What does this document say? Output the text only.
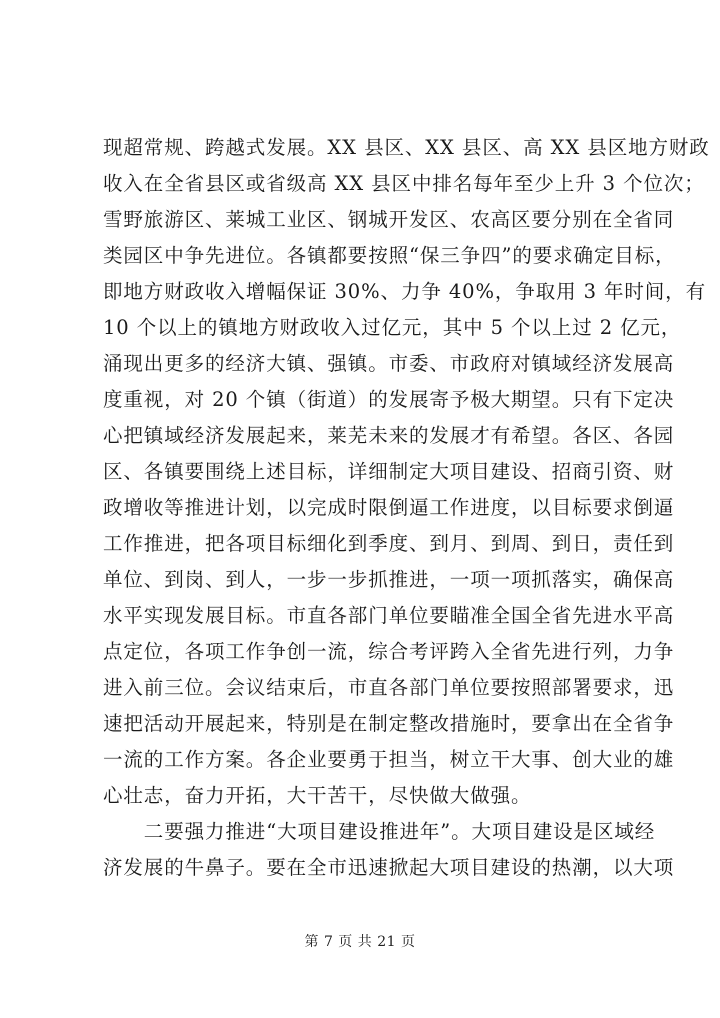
现超常规、跨越式发展。XX 县区、XX 县区、高 XX 县区地方财政
收入在全省县区或省级高 XX 县区中排名每年至少上升 3 个位次；
雪野旅游区、莱城工业区、钢城开发区、农高区要分别在全省同
类园区中争先进位。各镇都要按照“保三争四”的要求确定目标，
即地方财政收入增幅保证 30%、力争 40%，争取用 3 年时间，有
10 个以上的镇地方财政收入过亿元，其中 5 个以上过 2 亿元，
涌现出更多的经济大镇、强镇。市委、市政府对镇域经济发展高
度重视，对 20 个镇（街道）的发展寄予极大期望。只有下定决
心把镇域经济发展起来，莱芜未来的发展才有希望。各区、各园
区、各镇要围绕上述目标，详细制定大项目建设、招商引资、财
政增收等推进计划，以完成时限倒逼工作进度，以目标要求倒逼
工作推进，把各项目标细化到季度、到月、到周、到日，责任到
单位、到岗、到人，一步一步抓推进，一项一项抓落实，确保高
水平实现发展目标。市直各部门单位要瞄准全国全省先进水平高
点定位，各项工作争创一流，综合考评跨入全省先进行列，力争
进入前三位。会议结束后，市直各部门单位要按照部署要求，迅
速把活动开展起来，特别是在制定整改措施时，要拿出在全省争
一流的工作方案。各企业要勇于担当，树立干大事、创大业的雄
心壮志，奋力开拓，大干苦干，尽快做大做强。
　　二要强力推进“大项目建设推进年”。大项目建设是区域经
济发展的牛鼻子。要在全市迅速掀起大项目建设的热潮，以大项
第 7 页 共 21 页
